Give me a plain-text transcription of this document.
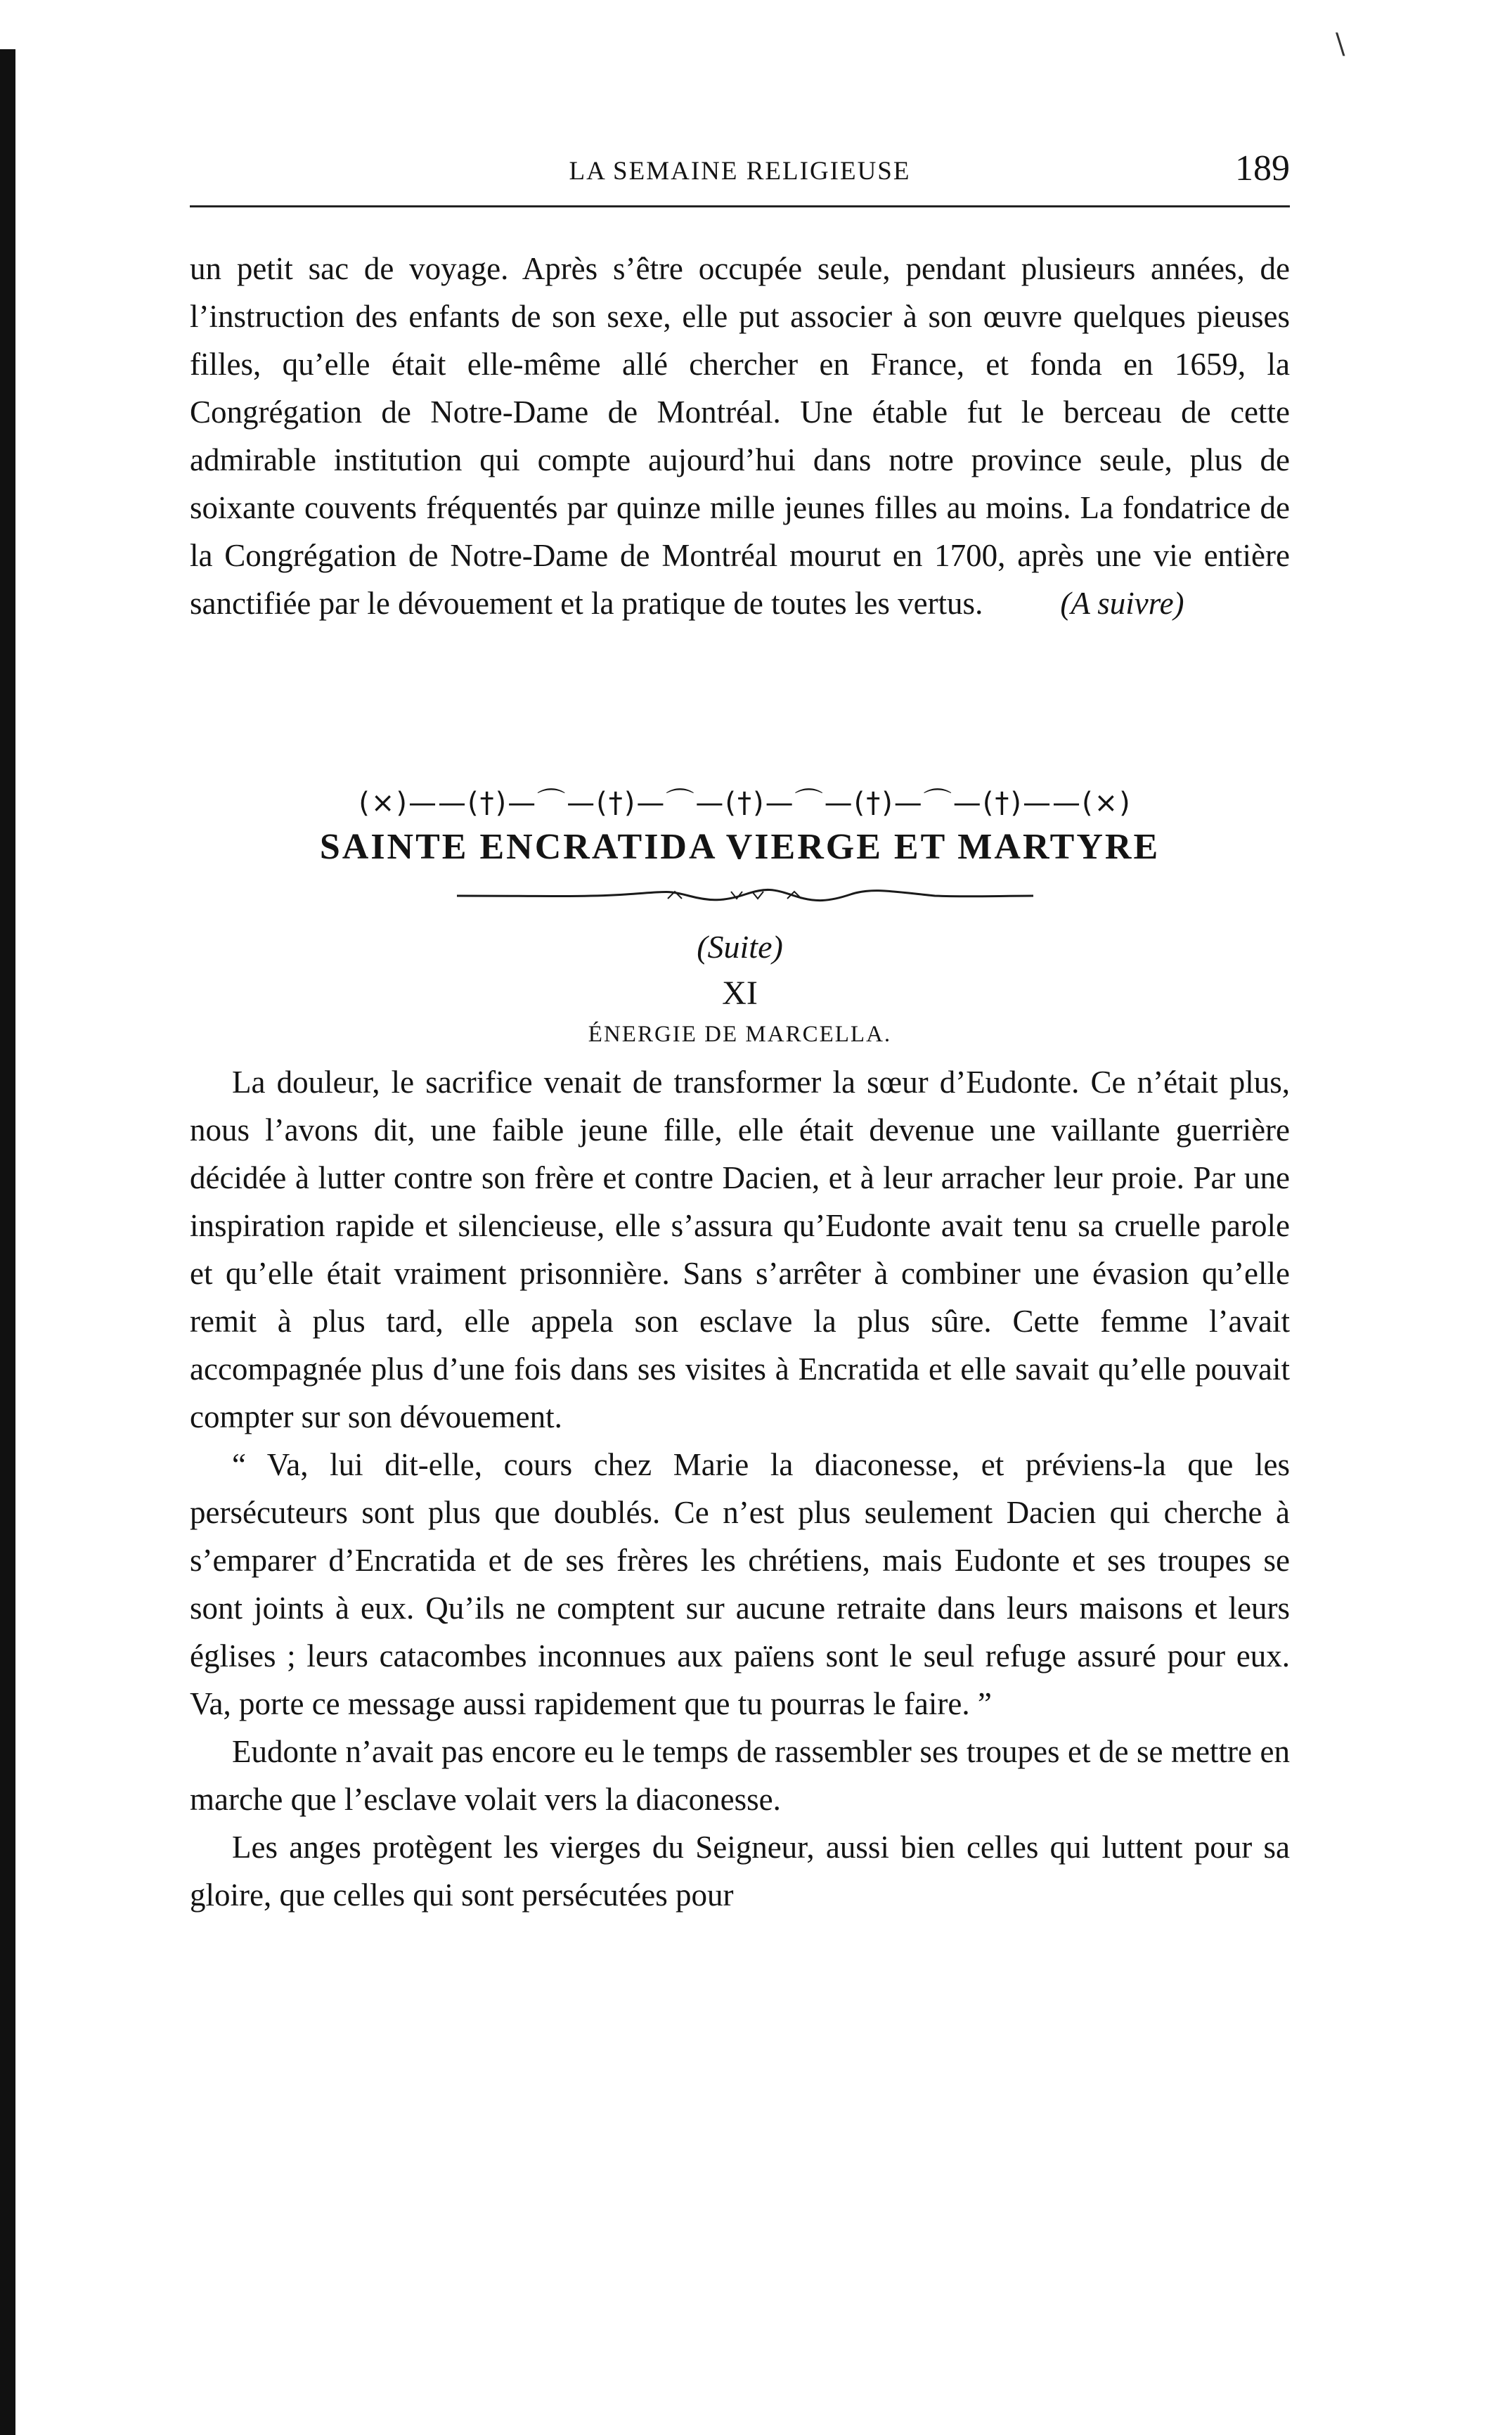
\
LA SEMAINE RELIGIEUSE	189

un petit sac de voyage. Après s’être occupée seule, pendant plusieurs années, de l’instruction des enfants de son sexe, elle put associer à son œuvre quelques pieuses filles, qu’elle était elle-même allé chercher en France, et fonda en 1659, la Congrégation de Notre-Dame de Montréal. Une étable fut le berceau de cette admirable institution qui compte aujourd’hui dans notre province seule, plus de soixante couvents fréquentés par quinze mille jeunes filles au moins. La fondatrice de la Congrégation de Notre-Dame de Montréal mourut en 1700, après une vie entière sanctifiée par le dévouement et la pratique de toutes les vertus. (A suivre)

(×)——(†)—⌒—(†)—⌒—(†)—⌒—(†)—⌒—(†)——(×)
SAINTE ENCRATIDA VIERGE ET MARTYRE
(Suite)
XI
ÉNERGIE DE MARCELLA.

La douleur, le sacrifice venait de transformer la sœur d’Eudonte. Ce n’était plus, nous l’avons dit, une faible jeune fille, elle était devenue une vaillante guerrière décidée à lutter contre son frère et contre Dacien, et à leur arracher leur proie. Par une inspiration rapide et silencieuse, elle s’assura qu’Eudonte avait tenu sa cruelle parole et qu’elle était vraiment prisonnière. Sans s’arrêter à combiner une évasion qu’elle remit à plus tard, elle appela son esclave la plus sûre. Cette femme l’avait accompagnée plus d’une fois dans ses visites à Encratida et elle savait qu’elle pouvait compter sur son dévouement.

“ Va, lui dit-elle, cours chez Marie la diaconesse, et préviens-la que les persécuteurs sont plus que doublés. Ce n’est plus seulement Dacien qui cherche à s’emparer d’Encratida et de ses frères les chrétiens, mais Eudonte et ses troupes se sont joints à eux. Qu’ils ne comptent sur aucune retraite dans leurs maisons et leurs églises ; leurs catacombes inconnues aux païens sont le seul refuge assuré pour eux. Va, porte ce message aussi rapidement que tu pourras le faire. ”

Eudonte n’avait pas encore eu le temps de rassembler ses troupes et de se mettre en marche que l’esclave volait vers la diaconesse.

Les anges protègent les vierges du Seigneur, aussi bien celles qui luttent pour sa gloire, que celles qui sont persécutées pour
